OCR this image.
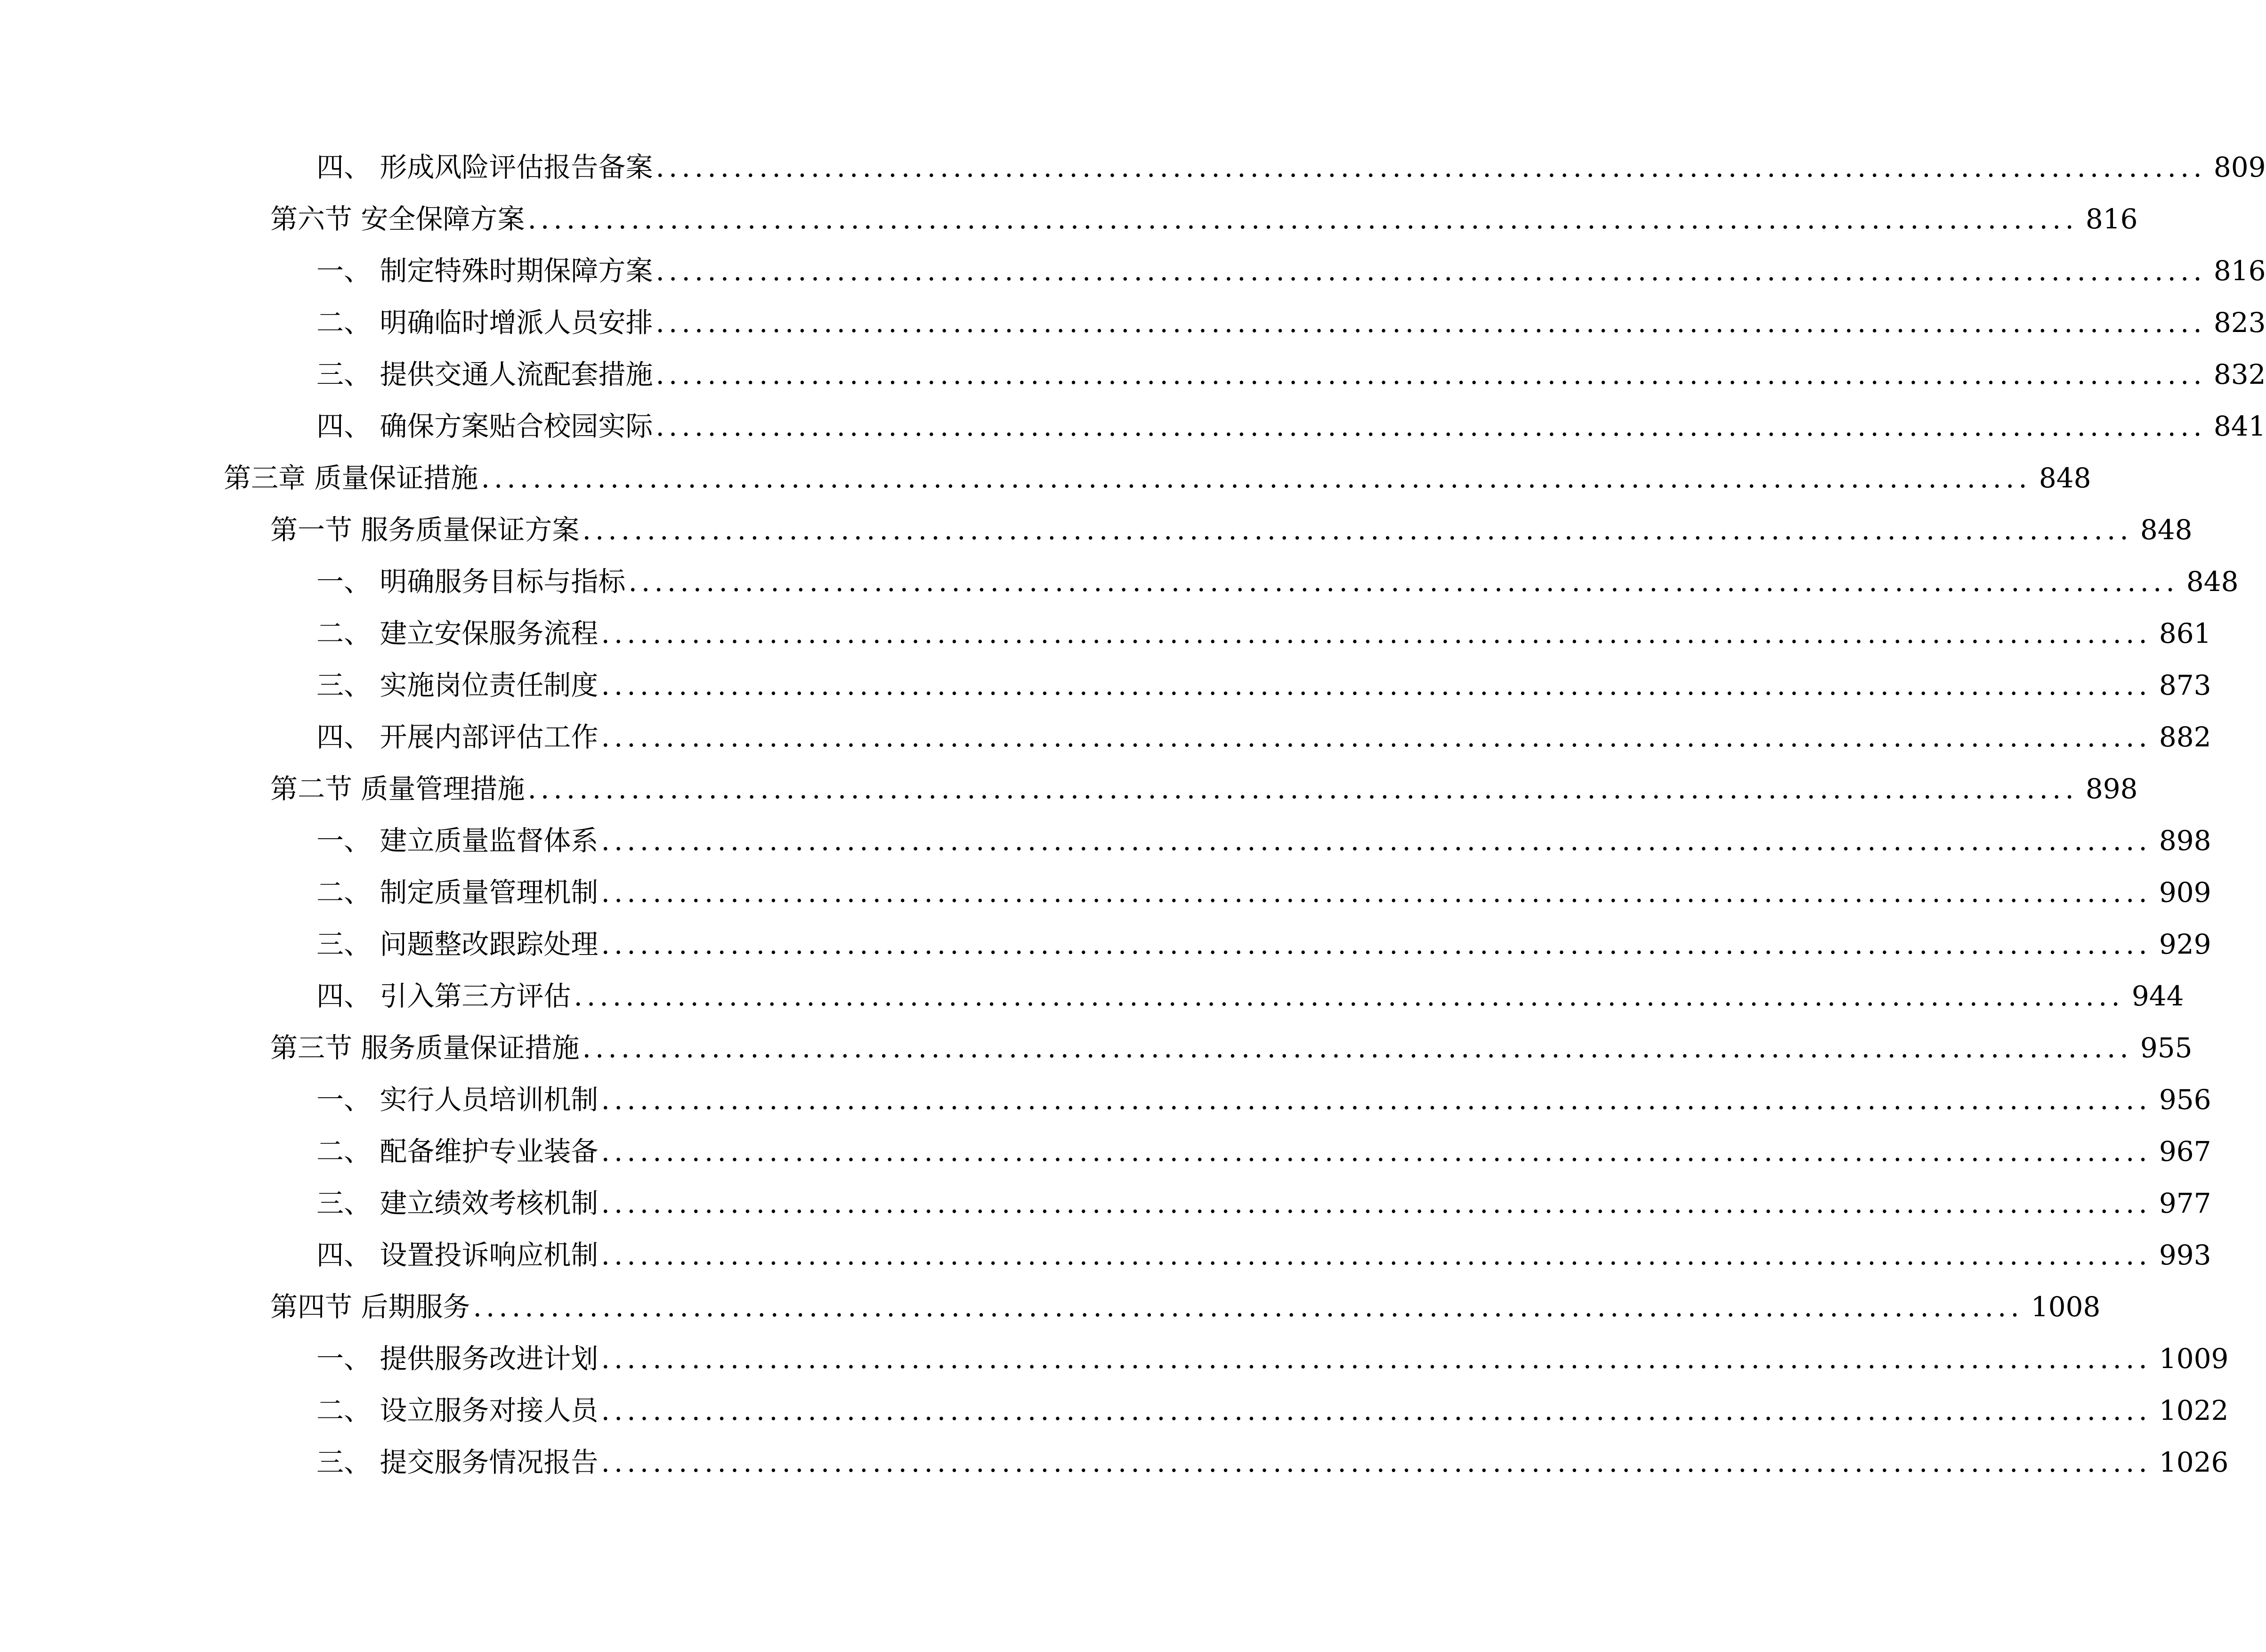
四、 形成风险评估报告备案 ........................................................................................................................ 809
第六节 安全保障方案 ........................................................................................................................ 816
一、 制定特殊时期保障方案 ........................................................................................................................ 816
二、 明确临时增派人员安排 ........................................................................................................................ 823
三、 提供交通人流配套措施 ........................................................................................................................ 832
四、 确保方案贴合校园实际 ........................................................................................................................ 841
第三章 质量保证措施 ........................................................................................................................ 848
第一节 服务质量保证方案 ........................................................................................................................ 848
一、 明确服务目标与指标 ........................................................................................................................ 848
二、 建立安保服务流程 ........................................................................................................................ 861
三、 实施岗位责任制度 ........................................................................................................................ 873
四、 开展内部评估工作 ........................................................................................................................ 882
第二节 质量管理措施 ........................................................................................................................ 898
一、 建立质量监督体系 ........................................................................................................................ 898
二、 制定质量管理机制 ........................................................................................................................ 909
三、 问题整改跟踪处理 ........................................................................................................................ 929
四、 引入第三方评估 ........................................................................................................................ 944
第三节 服务质量保证措施 ........................................................................................................................ 955
一、 实行人员培训机制 ........................................................................................................................ 956
二、 配备维护专业装备 ........................................................................................................................ 967
三、 建立绩效考核机制 ........................................................................................................................ 977
四、 设置投诉响应机制 ........................................................................................................................ 993
第四节 后期服务 ........................................................................................................................ 1008
一、 提供服务改进计划 ........................................................................................................................ 1009
二、 设立服务对接人员 ........................................................................................................................ 1022
三、 提交服务情况报告 ........................................................................................................................ 1026
